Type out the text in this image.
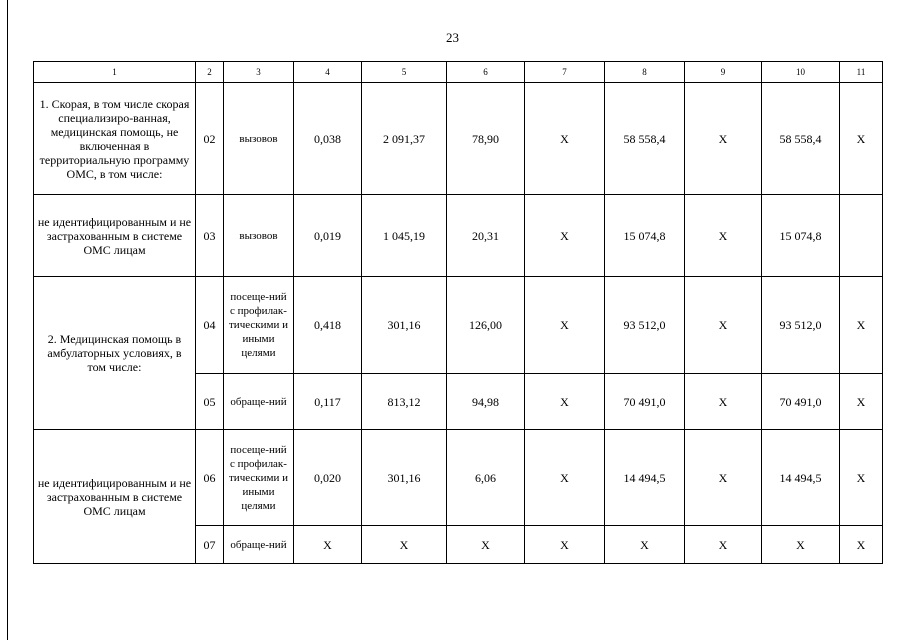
23
1	2	3	4	5	6	7	8	9	10	11
1. Скорая, в том числе скорая специализиро-ванная, медицинская помощь, не включенная в территориальную программу ОМС, в том числе:	02	вызовов	0,038	2 091,37	78,90	X	58 558,4	X	58 558,4	X
не идентифицированным и не застрахованным в системе ОМС лицам	03	вызовов	0,019	1 045,19	20,31	X	15 074,8	X	15 074,8	
2. Медицинская помощь в амбулаторных условиях, в том числе:	04	посеще-ний с профилак-тическими и иными целями	0,418	301,16	126,00	X	93 512,0	X	93 512,0	X
	05	обраще-ний	0,117	813,12	94,98	X	70 491,0	X	70 491,0	X
не идентифицированным и не застрахованным в системе ОМС лицам	06	посеще-ний с профилак-тическими и иными целями	0,020	301,16	6,06	X	14 494,5	X	14 494,5	X
	07	обраще-ний	X	X	X	X	X	X	X	X
